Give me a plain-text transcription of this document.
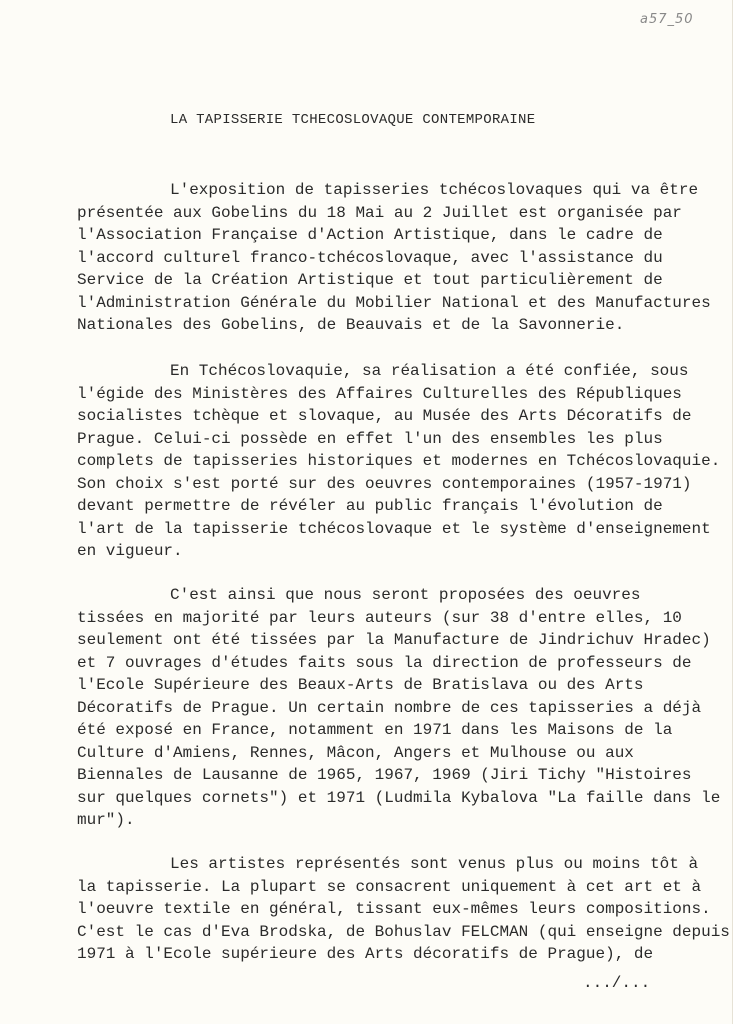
a57_50
LA TAPISSERIE TCHECOSLOVAQUE CONTEMPORAINE
L'exposition de tapisseries tchécoslovaques qui va être
présentée aux Gobelins du 18 Mai au 2 Juillet est organisée par
l'Association Française d'Action Artistique, dans le cadre de
l'accord culturel franco-tchécoslovaque, avec l'assistance du
Service de la Création Artistique et tout particulièrement de
l'Administration Générale du Mobilier National et des Manufactures
Nationales des Gobelins, de Beauvais et de la Savonnerie.
En Tchécoslovaquie, sa réalisation a été confiée, sous
l'égide des Ministères des Affaires Culturelles des Républiques
socialistes tchèque et slovaque, au Musée des Arts Décoratifs de
Prague. Celui-ci possède en effet l'un des ensembles les plus
complets de tapisseries historiques et modernes en Tchécoslovaquie.
Son choix s'est porté sur des oeuvres contemporaines (1957-1971)
devant permettre de révéler au public français l'évolution de
l'art de la tapisserie tchécoslovaque et le système d'enseignement
en vigueur.
C'est ainsi que nous seront proposées des oeuvres
tissées en majorité par leurs auteurs (sur 38 d'entre elles, 10
seulement ont été tissées par la Manufacture de Jindrichuv Hradec)
et 7 ouvrages d'études faits sous la direction de professeurs de
l'Ecole Supérieure des Beaux-Arts de Bratislava ou des Arts
Décoratifs de Prague. Un certain nombre de ces tapisseries a déjà
été exposé en France, notamment en 1971 dans les Maisons de la
Culture d'Amiens, Rennes, Mâcon, Angers et Mulhouse ou aux
Biennales de Lausanne de 1965, 1967, 1969 (Jiri Tichy "Histoires
sur quelques cornets") et 1971 (Ludmila Kybalova "La faille dans le
mur").
Les artistes représentés sont venus plus ou moins tôt à
la tapisserie. La plupart se consacrent uniquement à cet art et à
l'oeuvre textile en général, tissant eux-mêmes leurs compositions.
C'est le cas d'Eva Brodska, de Bohuslav FELCMAN (qui enseigne depuis
1971 à l'Ecole supérieure des Arts décoratifs de Prague), de
.../...
